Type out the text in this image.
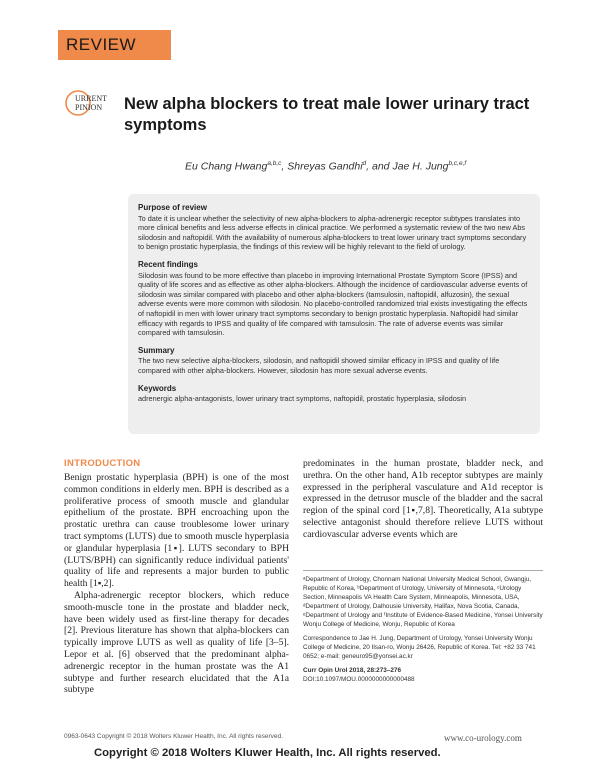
REVIEW
URRENT
PINION New alpha blockers to treat male lower urinary tract symptoms
Eu Chang Hwang$^{a,b,c}$, Shreyas Gandhi$^d$, and Jae H. Jung$^{b,c,e,f}$
Purpose of review

To date it is unclear whether the selectivity of new alpha-blockers to alpha-adrenergic receptor subtypes translates into more clinical benefits and less adverse effects in clinical practice. We performed a systematic review of the two new Abs silodosin and naftopidil. With the availability of numerous alpha-blockers to treat lower urinary tract symptoms secondary to benign prostatic hyperplasia, the findings of this review will be highly relevant to the field of urology.

Recent findings

Silodosin was found to be more effective than placebo in improving International Prostate Symptom Score (IPSS) and quality of life scores and as effective as other alpha-blockers. Although the incidence of cardiovascular adverse events of silodosin was similar compared with placebo and other alpha-blockers (tamsulosin, naftopidil, alfuzosin), the sexual adverse events were more common with silodosin. No placebo-controlled randomized trial exists investigating the effects of naftopidil in men with lower urinary tract symptoms secondary to benign prostatic hyperplasia. Naftopidil had similar efficacy with regards to IPSS and quality of life compared with tamsulosin. The rate of adverse events was similar compared with tamsulosin.

Summary

The two new selective alpha-blockers, silodosin, and naftopidil showed similar efficacy in IPSS and quality of life compared with other alpha-blockers. However, silodosin has more sexual adverse events.

Keywords

adrenergic alpha-antagonists, lower urinary tract symptoms, naftopidil, prostatic hyperplasia, silodosin

INTRODUCTION

Benign prostatic hyperplasia (BPH) is one of the most common conditions in elderly men. BPH is described as a proliferative process of smooth muscle and glandular epithelium of the prostate. BPH encroaching upon the prostatic urethra can cause troublesome lower urinary tract symptoms (LUTS) due to smooth muscle hyperplasia or glandular hyperplasia [1▪]. LUTS secondary to BPH (LUTS/BPH) can significantly reduce individual patients' quality of life and represents a major burden to public health [1▪,2].

Alpha-adrenergic receptor blockers, which reduce smooth-muscle tone in the prostate and bladder neck, have been widely used as first-line therapy for decades [2]. Previous literature has shown that alpha-blockers can typically improve LUTS as well as quality of life [3–5]. Lepor et al. [6] observed that the predominant alpha-adrenergic receptor in the human prostate was the A1 subtype and further research elucidated that the A1a subtype

predominates in the human prostate, bladder neck, and urethra. On the other hand, A1b receptor subtypes are mainly expressed in the peripheral vasculature and A1d receptor is expressed in the detrusor muscle of the bladder and the sacral region of the spinal cord [1▪,7,8]. Theoretically, A1a subtype selective antagonist should therefore relieve LUTS without cardiovascular adverse events which are

ᵃDepartment of Urology, Chonnam National University Medical School, Gwangju, Republic of Korea, ᵇDepartment of Urology, University of Minnesota, ᶜUrology Section, Minneapolis VA Health Care System, Minneapolis, Minnesota, USA, ᵈDepartment of Urology, Dalhousie University, Halifax, Nova Scotia, Canada, ᵉDepartment of Urology and ᶠInstitute of Evidence-Based Medicine, Yonsei University Wonju College of Medicine, Wonju, Republic of Korea

Correspondence to Jae H. Jung, Department of Urology, Yonsei University Wonju College of Medicine, 20 Ilsan-ro, Wonju 26426, Republic of Korea. Tel: +82 33 741 0652; e-mail: geneuro95@yonsei.ac.kr

Curr Opin Urol 2018, 28:273–276
DOI:10.1097/MOU.0000000000000488
0963-0643 Copyright © 2018 Wolters Kluwer Health, Inc. All rights reserved.	www.co-urology.com
Copyright © 2018 Wolters Kluwer Health, Inc. All rights reserved.
